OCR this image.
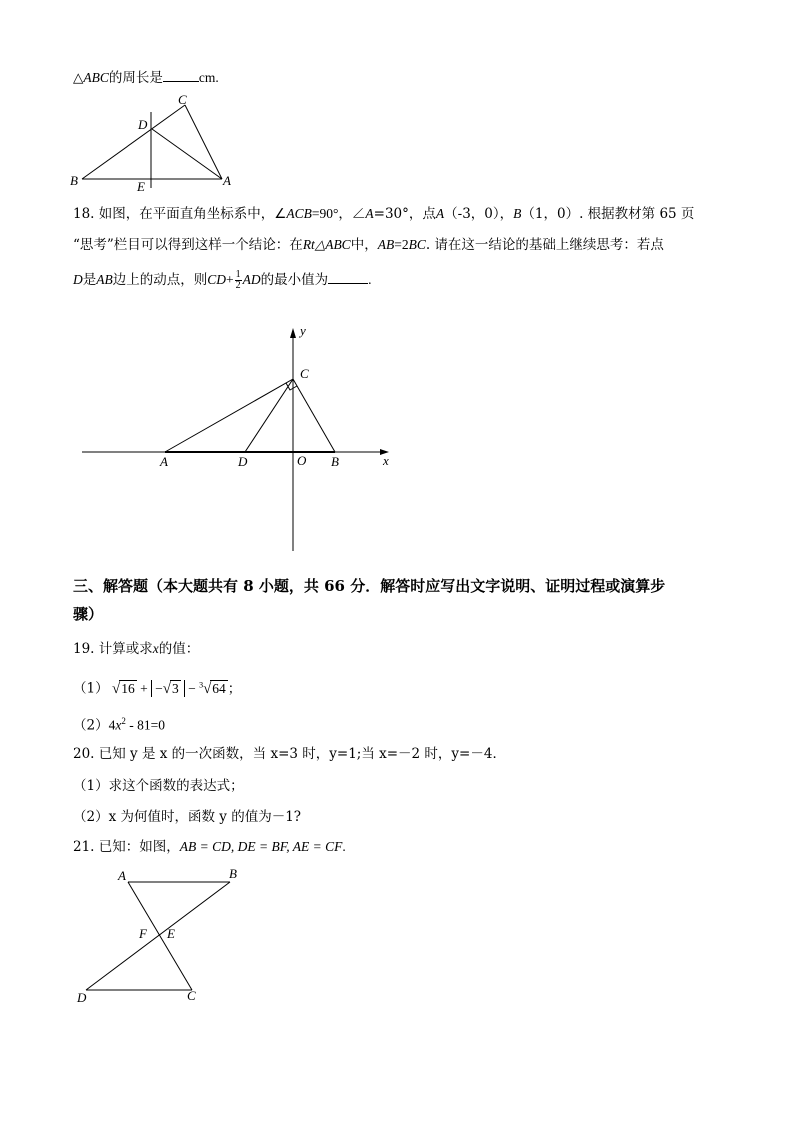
△ABC的周长是	cm.
C
D
B	E	A
18. 如图，在平面直角坐标系中，∠ACB=90°，∠A=30°，点A（-3，0），B（1，0）. 根据教材第 65 页
“思考”栏目可以得到这样一个结论：在Rt△ABC中，AB=2BC. 请在这一结论的基础上继续思考：若点
D是AB边上的动点，则$CD+ \frac{1}{2}$ AD的最小值为	.
y
x
C
A	D	O B
三、解答题（本大题共有 8 小题，共 66 分．解答时应写出文字说明、证明过程或演算步
骤）
19. 计算或求x的值：
（1） √16 + −√3 − $^3$√64 ；
$(2)4x^2 - 81=0$
20. 已知 y 是 x 的一次函数，当 x=3 时，y=1;当 x=－2 时，y=－4．
（1）求这个函数的表达式；
（2）x 为何值时，函数 y 的值为－1?
21. 已知：如图，AB = CD, DE = BF, AE = CF.
A	B
F E
D	C
